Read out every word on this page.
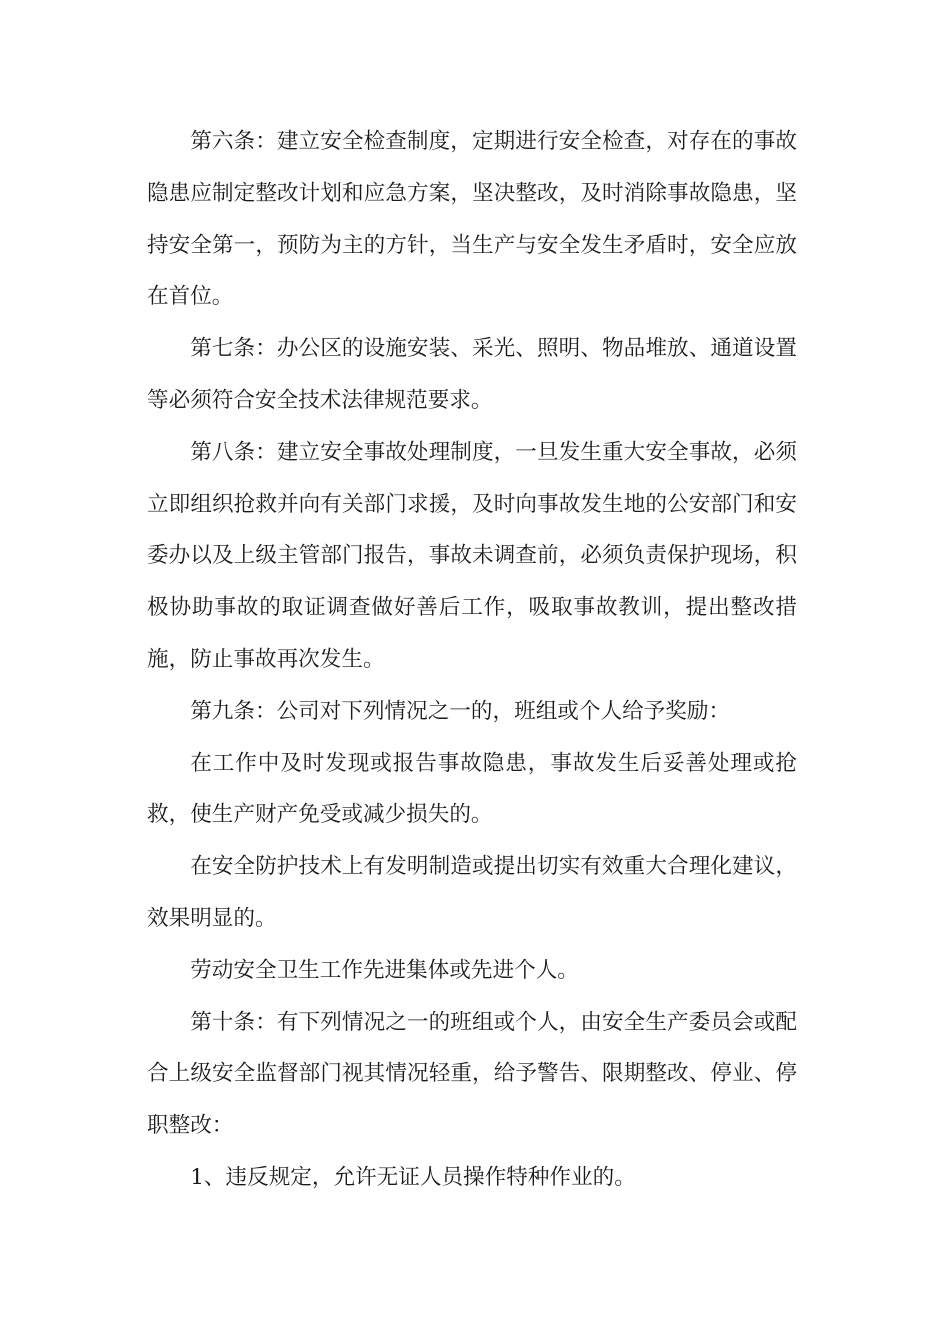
第六条：建立安全检查制度，定期进行安全检查，对存在的事故隐患应制定整改计划和应急方案，坚决整改，及时消除事故隐患，坚持安全第一，预防为主的方针，当生产与安全发生矛盾时，安全应放在首位。

第七条：办公区的设施安装、采光、照明、物品堆放、通道设置等必须符合安全技术法律规范要求。

第八条：建立安全事故处理制度，一旦发生重大安全事故，必须立即组织抢救并向有关部门求援，及时向事故发生地的公安部门和安委办以及上级主管部门报告，事故未调查前，必须负责保护现场，积极协助事故的取证调查做好善后工作，吸取事故教训，提出整改措施，防止事故再次发生。

第九条：公司对下列情况之一的，班组或个人给予奖励：

在工作中及时发现或报告事故隐患，事故发生后妥善处理或抢救，使生产财产免受或减少损失的。

在安全防护技术上有发明制造或提出切实有效重大合理化建议，效果明显的。

劳动安全卫生工作先进集体或先进个人。

第十条：有下列情况之一的班组或个人，由安全生产委员会或配合上级安全监督部门视其情况轻重，给予警告、限期整改、停业、停职整改：

1、违反规定，允许无证人员操作特种作业的。
